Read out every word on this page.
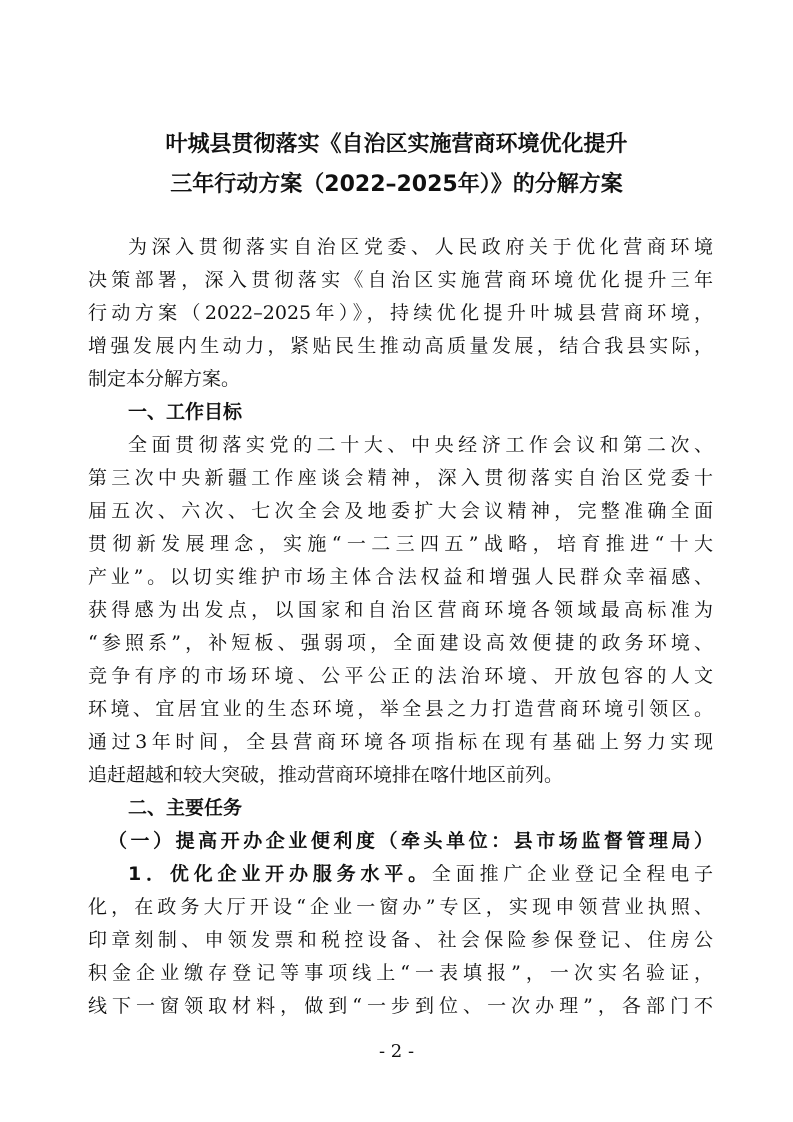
叶城县贯彻落实《自治区实施营商环境优化提升
三年行动方案（2022–2025年）》的分解方案
为深入贯彻落实自治区党委、人民政府关于优化营商环境
决策部署，深入贯彻落实《自治区实施营商环境优化提升三年
行动方案（2022–2025年）》，持续优化提升叶城县营商环境，
增强发展内生动力，紧贴民生推动高质量发展，结合我县实际，
制定本分解方案。
一、工作目标
全面贯彻落实党的二十大、中央经济工作会议和第二次、
第三次中央新疆工作座谈会精神，深入贯彻落实自治区党委十
届五次、六次、七次全会及地委扩大会议精神，完整准确全面
贯彻新发展理念，实施“一二三四五”战略，培育推进“十大
产业”。以切实维护市场主体合法权益和增强人民群众幸福感、
获得感为出发点，以国家和自治区营商环境各领域最高标准为
“参照系”，补短板、强弱项，全面建设高效便捷的政务环境、
竞争有序的市场环境、公平公正的法治环境、开放包容的人文
环境、宜居宜业的生态环境，举全县之力打造营商环境引领区。
通过3年时间，全县营商环境各项指标在现有基础上努力实现
追赶超越和较大突破，推动营商环境排在喀什地区前列。
二、主要任务
（一）提高开办企业便利度（牵头单位：县市场监督管理局）
1．优化企业开办服务水平。全面推广企业登记全程电子
化，在政务大厅开设“企业一窗办”专区，实现申领营业执照、
印章刻制、申领发票和税控设备、社会保险参保登记、住房公
积金企业缴存登记等事项线上“一表填报”，一次实名验证，
线下一窗领取材料，做到“一步到位、一次办理”，各部门不
- 2 -
